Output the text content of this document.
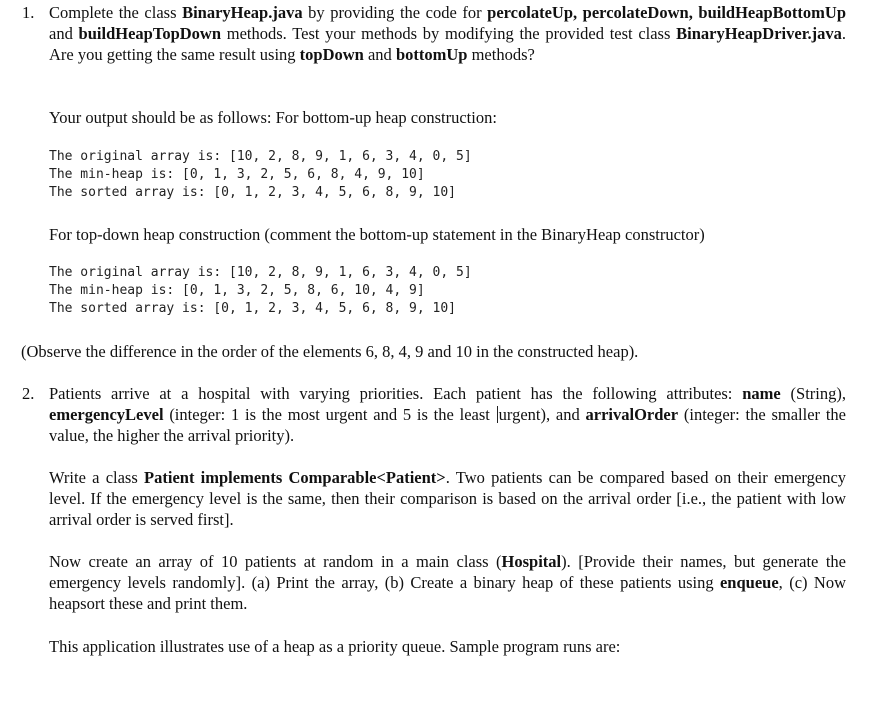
1. Complete the class BinaryHeap.java by providing the code for percolateUp, percolateDown, buildHeapBottomUp and buildHeapTopDown methods. Test your methods by modifying the provided test class BinaryHeapDriver.java. Are you getting the same result using topDown and bottomUp methods?

Your output should be as follows: For bottom-up heap construction:

The original array is: [10, 2, 8, 9, 1, 6, 3, 4, 0, 5]
The min-heap is: [0, 1, 3, 2, 5, 6, 8, 4, 9, 10]
The sorted array is: [0, 1, 2, 3, 4, 5, 6, 8, 9, 10]

For top-down heap construction (comment the bottom-up statement in the BinaryHeap constructor)

The original array is: [10, 2, 8, 9, 1, 6, 3, 4, 0, 5]
The min-heap is: [0, 1, 3, 2, 5, 8, 6, 10, 4, 9]
The sorted array is: [0, 1, 2, 3, 4, 5, 6, 8, 9, 10]

(Observe the difference in the order of the elements 6, 8, 4, 9 and 10 in the constructed heap).

2. Patients arrive at a hospital with varying priorities. Each patient has the following attributes: name (String), emergencyLevel (integer: 1 is the most urgent and 5 is the least urgent), and arrivalOrder (integer: the smaller the value, the higher the arrival priority).

Write a class Patient implements Comparable<Patient>. Two patients can be compared based on their emergency level. If the emergency level is the same, then their comparison is based on the arrival order [i.e., the patient with low arrival order is served first].

Now create an array of 10 patients at random in a main class (Hospital). [Provide their names, but generate the emergency levels randomly]. (a) Print the array, (b) Create a binary heap of these patients using enqueue, (c) Now heapsort these and print them.

This application illustrates use of a heap as a priority queue. Sample program runs are:
